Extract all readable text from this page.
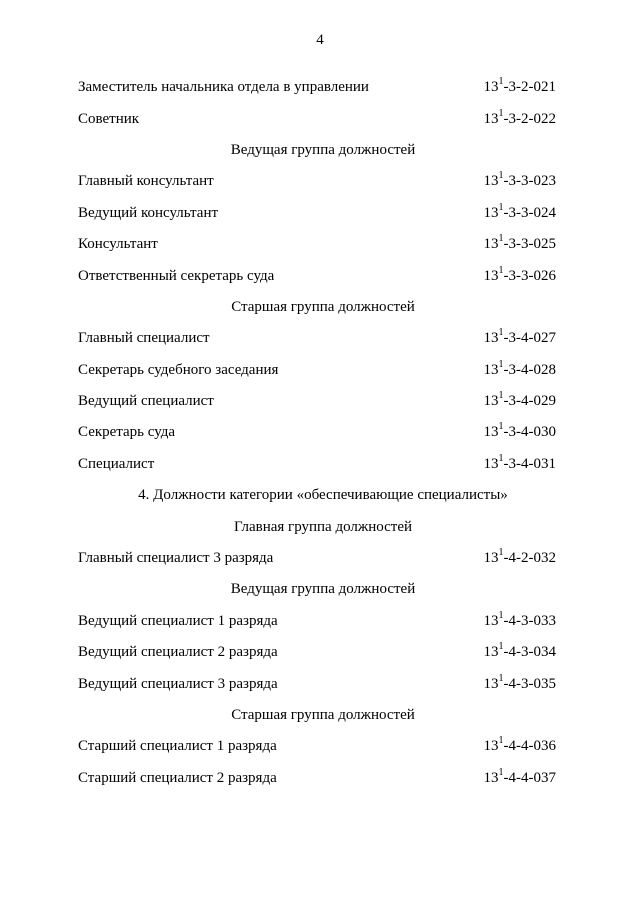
4
Заместитель начальника отдела в управлении	$13^1-3-2-021$
Советник	$13^1-3-2-022$
Ведущая группа должностей
Главный консультант	$13^1-3-3-023$
Ведущий консультант	$13^1-3-3-024$
Консультант	$13^1-3-3-025$
Ответственный секретарь суда	$13^1-3-3-026$
Старшая группа должностей
Главный специалист	$13^1-3-4-027$
Секретарь судебного заседания	$13^1-3-4-028$
Ведущий специалист	$13^1-3-4-029$
Секретарь суда	$13^1-3-4-030$
Специалист	$13^1-3-4-031$
4. Должности категории «обеспечивающие специалисты»
Главная группа должностей
Главный специалист 3 разряда	$13^1-4-2-032$
Ведущая группа должностей
Ведущий специалист 1 разряда	$13^1-4-3-033$
Ведущий специалист 2 разряда	$13^1-4-3-034$
Ведущий специалист 3 разряда	$13^1-4-3-035$
Старшая группа должностей
Старший специалист 1 разряда	$13^1-4-4-036$
Старший специалист 2 разряда	$13^1-4-4-037$
